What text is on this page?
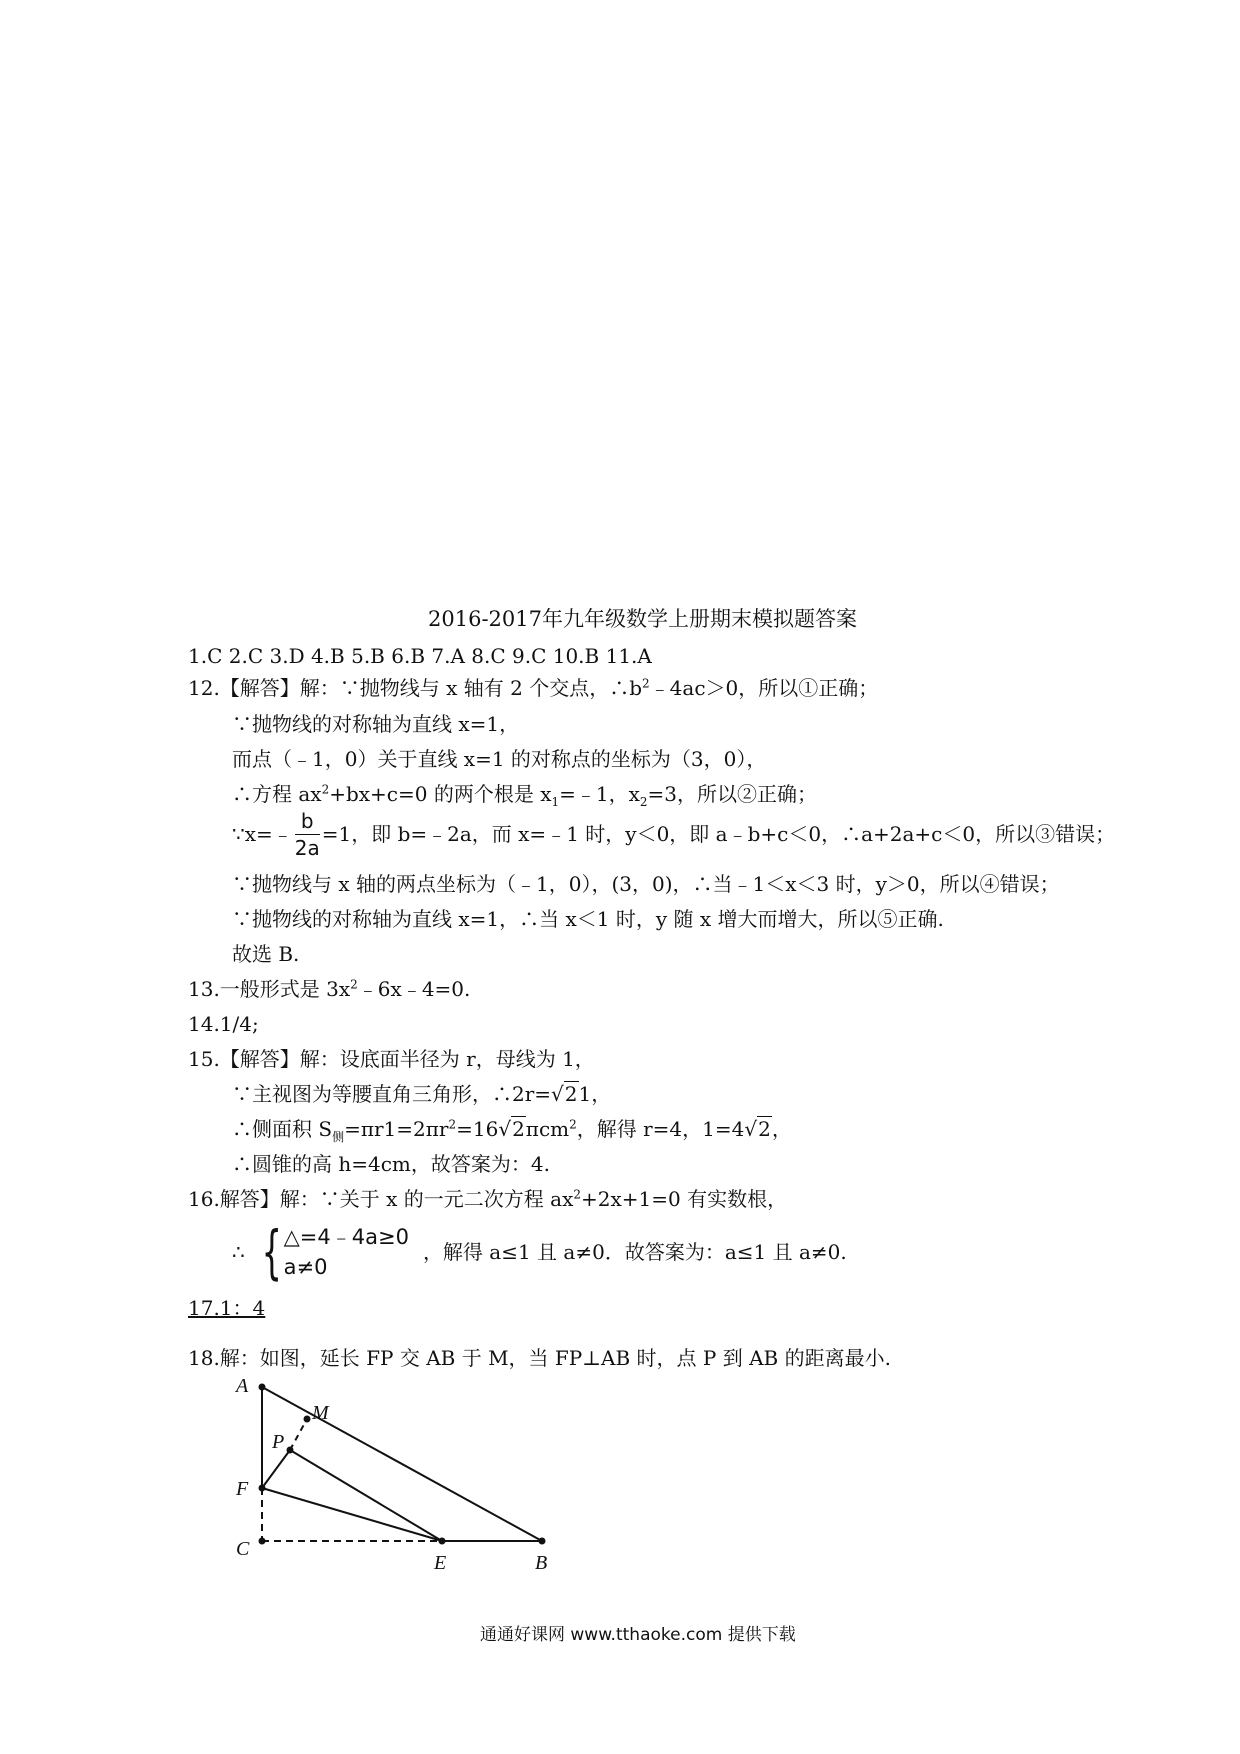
2016-2017年九年级数学上册期末模拟题答案
1.C 2.C 3.D 4.B 5.B 6.B 7.A 8.C 9.C 10.B 11.A
12.【解答】解：∵抛物线与 x 轴有 2 个交点，$\therefore b^2﹣4ac>0$，所以①正确；
∵抛物线的对称轴为直线 x=1，
而点（﹣1，0）关于直线 x=1 的对称点的坐标为（3，0），
∴方程 $ax^2+bx+c=0$ 的两个根是 $x_1=﹣1$，$x_2=3$，所以②正确；
∵x=﹣ $\frac{b}{2a} =1$，即 b=﹣2a，而 x=﹣1 时，y＜0，即 a﹣b+c＜0，∴a+2a+c＜0，所以③错误；
∵抛物线与 x 轴的两点坐标为（﹣1，0），(3，0)，∴当﹣1＜x＜3 时，y＞0，所以④错误；
∵抛物线的对称轴为直线 x=1，∴当 x＜1 时，y 随 x 增大而增大，所以⑤正确.
故选 B.
13.一般形式是 $3x^2﹣6x﹣4=0$.
14.1/4;
15.【解答】解：设底面半径为 r，母线为 1，
∵主视图为等腰直角三角形，∴2r=√21，
∴侧面积 $S_侧=\pi r1=2\pi r^2=16√2\pi cm^2$，解得 r=4，1=4√2，
∴圆锥的高 h=4cm，故答案为：4.
16.解答】解：∵关于 x 的一元二次方程 $ax^2+2x+1=0$ 有实数根，
∴ { △=4﹣4a≥0
a≠0
，解得 a≤1 且 a≠0．故答案为：a≤1 且 a≠0.
17.1：4
18.解：如图，延长 FP 交 AB 于 M，当 FP⊥AB 时，点 P 到 AB 的距离最小.
A
M
P
F
C
E	B
通通好课网 www.tthaoke.com 提供下载
